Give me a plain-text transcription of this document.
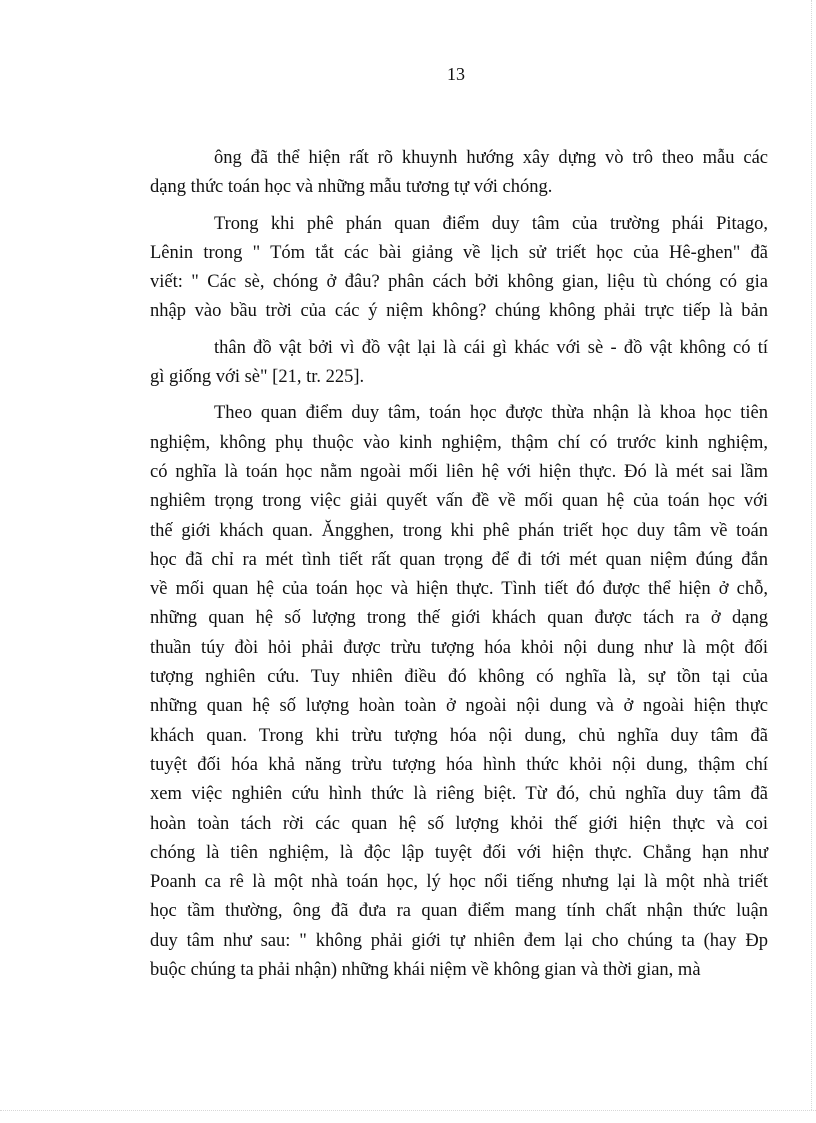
13
ông đã thể hiện rất rõ khuynh hướng xây dựng vò trô theo mẫu các
dạng thức toán học và những mẫu tương tự với chóng.
Trong khi phê phán quan điểm duy tâm của trường phái Pitago,
Lênin trong " Tóm tắt các bài giảng về lịch sử triết học của Hê-ghen" đã
viết: " Các sè, chóng ở đâu? phân cách bởi không gian, liệu tù chóng có gia
nhập vào bầu trời của các ý niệm không? chúng không phải trực tiếp là bản
thân đồ vật bởi vì đồ vật lại là cái gì khác với sè - đồ vật không có tí
gì giống với sè" [21, tr. 225].
Theo quan điểm duy tâm, toán học được thừa nhận là khoa học tiên
nghiệm, không phụ thuộc vào kinh nghiệm, thậm chí có trước kinh nghiệm,
có nghĩa là toán học nằm ngoài mối liên hệ với hiện thực. Đó là mét sai lầm
nghiêm trọng trong việc giải quyết vấn đề về mối quan hệ của toán học với
thế giới khách quan. Ăngghen, trong khi phê phán triết học duy tâm về toán
học đã chỉ ra mét tình tiết rất quan trọng để đi tới mét quan niệm đúng đắn
về mối quan hệ của toán học và hiện thực. Tình tiết đó được thể hiện ở chỗ,
những quan hệ số lượng trong thế giới khách quan được tách ra ở dạng
thuần túy đòi hỏi phải được trừu tượng hóa khỏi nội dung như là một đối
tượng nghiên cứu. Tuy nhiên điều đó không có nghĩa là, sự tồn tại của
những quan hệ số lượng hoàn toàn ở ngoài nội dung và ở ngoài hiện thực
khách quan. Trong khi trừu tượng hóa nội dung, chủ nghĩa duy tâm đã
tuyệt đối hóa khả năng trừu tượng hóa hình thức khỏi nội dung, thậm chí
xem việc nghiên cứu hình thức là riêng biệt. Từ đó, chủ nghĩa duy tâm đã
hoàn toàn tách rời các quan hệ số lượng khỏi thế giới hiện thực và coi
chóng là tiên nghiệm, là độc lập tuyệt đối với hiện thực. Chẳng hạn như
Poanh ca rê là một nhà toán học, lý học nổi tiếng nhưng lại là một nhà triết
học tầm thường, ông đã đưa ra quan điểm mang tính chất nhận thức luận
duy tâm như sau: " không phải giới tự nhiên đem lại cho chúng ta (hay Ðp
buộc chúng ta phải nhận) những khái niệm về không gian và thời gian, mà
